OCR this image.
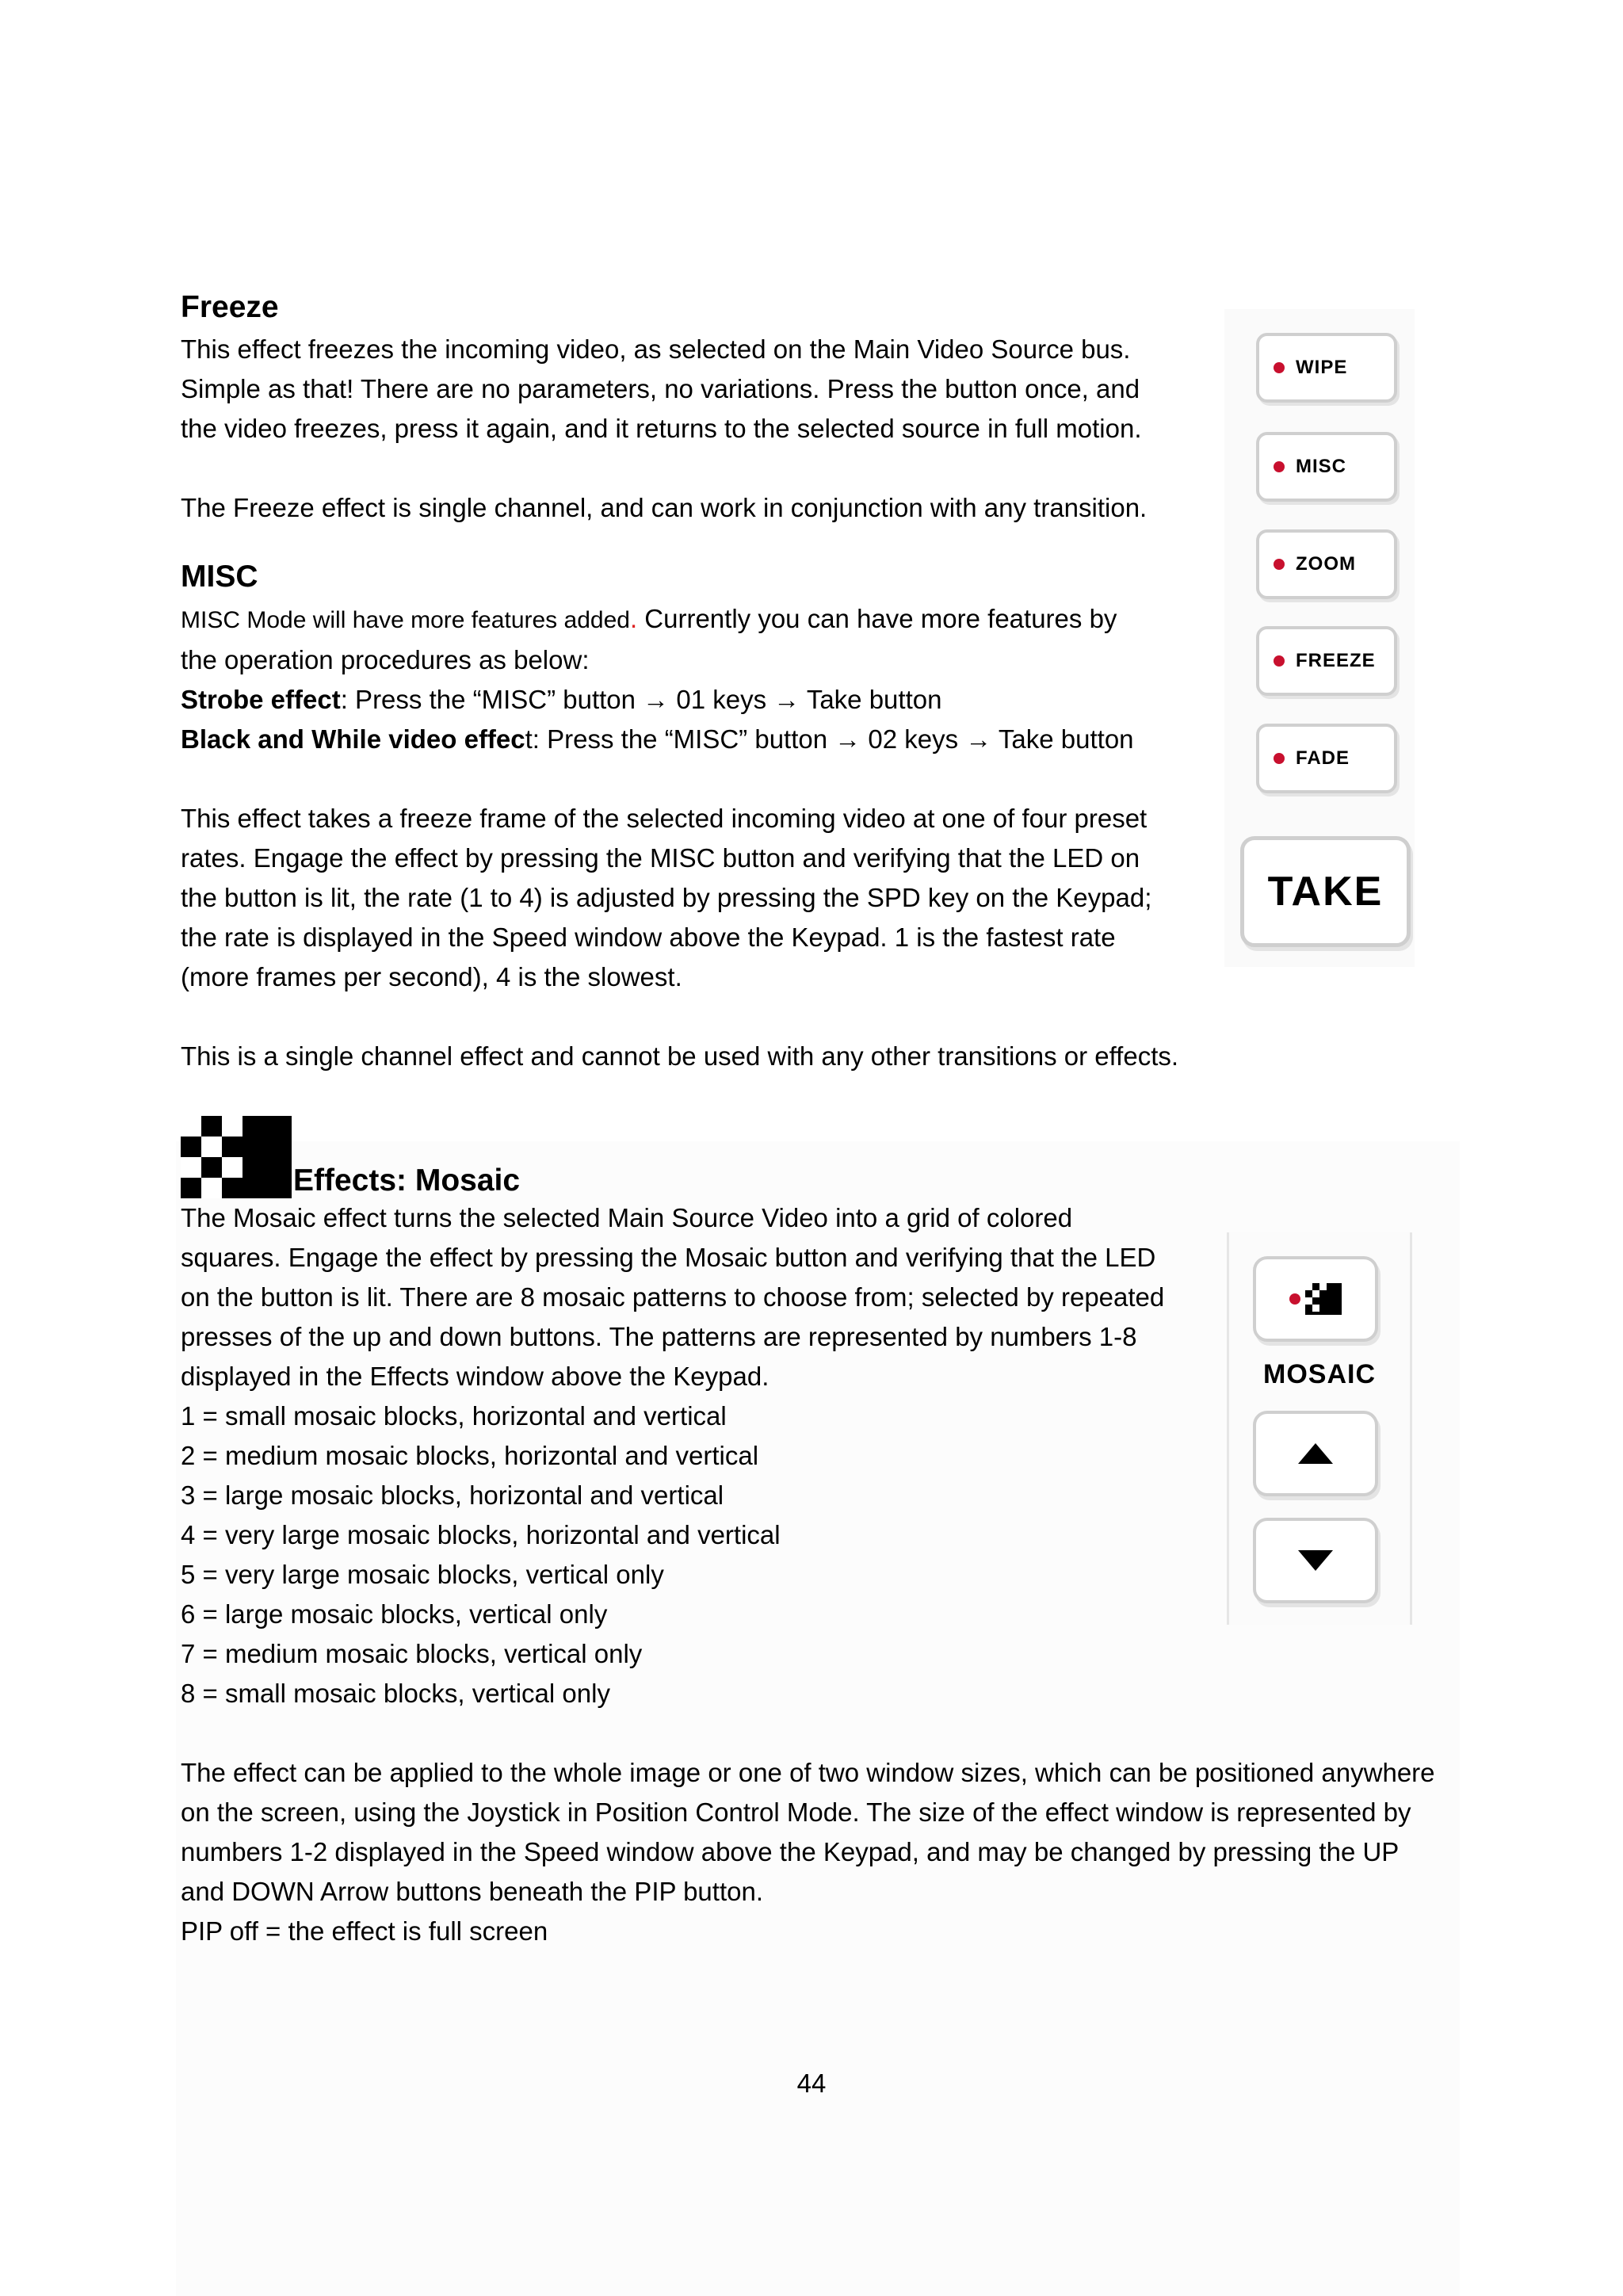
Freeze

This effect freezes the incoming video, as selected on the Main Video Source bus.

Simple as that! There are no parameters, no variations. Press the button once, and

the video freezes, press it again, and it returns to the selected source in full motion.

The Freeze effect is single channel, and can work in conjunction with any transition.

MISC

MISC Mode will have more features added. Currently you can have more features by

the operation procedures as below:

Strobe effect: Press the “MISC” button → 01 keys → Take button

Black and While video effect: Press the “MISC” button → 02 keys → Take button

This effect takes a freeze frame of the selected incoming video at one of four preset

rates. Engage the effect by pressing the MISC button and verifying that the LED on

the button is lit, the rate (1 to 4) is adjusted by pressing the SPD key on the Keypad;

the rate is displayed in the Speed window above the Keypad. 1 is the fastest rate

(more frames per second), 4 is the slowest.

This is a single channel effect and cannot be used with any other transitions or effects.

Effects: Mosaic

The Mosaic effect turns the selected Main Source Video into a grid of colored

squares. Engage the effect by pressing the Mosaic button and verifying that the LED

on the button is lit. There are 8 mosaic patterns to choose from; selected by repeated

presses of the up and down buttons. The patterns are represented by numbers 1-8

displayed in the Effects window above the Keypad.

1 = small mosaic blocks, horizontal and vertical

2 = medium mosaic blocks, horizontal and vertical

3 = large mosaic blocks, horizontal and vertical

4 = very large mosaic blocks, horizontal and vertical

5 = very large mosaic blocks, vertical only

6 = large mosaic blocks, vertical only

7 = medium mosaic blocks, vertical only

8 = small mosaic blocks, vertical only

The effect can be applied to the whole image or one of two window sizes, which can be positioned anywhere

on the screen, using the Joystick in Position Control Mode. The size of the effect window is represented by

numbers 1-2 displayed in the Speed window above the Keypad, and may be changed by pressing the UP

and DOWN Arrow buttons beneath the PIP button.

PIP off = the effect is full screen

WIPE
MISC
ZOOM
FREEZE
FADE
TAKE
MOSAIC
44
